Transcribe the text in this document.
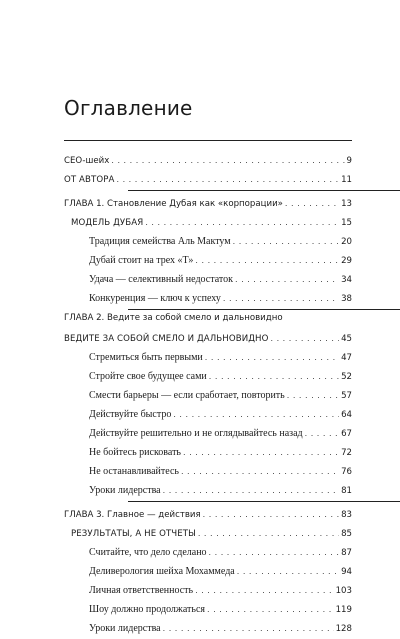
Оглавление
CEO-шейх . . .	9
ОТ АВТОРА . . .	11
ГЛАВА 1. Становление Дубая как «корпорации» . . .	13
МОДЕЛЬ ДУБАЯ . . .	15
Традиция семейства Аль Мактум . . .	20
Дубай стоит на трех «Т» . . .	29
Удача — селективный недостаток . . .	34
Конкуренция — ключ к успеху . . .	38
ГЛАВА 2. Ведите за собой смело и дальновидно
ВЕДИТЕ ЗА СОБОЙ СМЕЛО И ДАЛЬНОВИДНО . . .	45
Стремиться быть первыми . . .	47
Стройте свое будущее сами . . .	52
Смести барьеры — если сработает, повторить . . .	57
Действуйте быстро . . .	64
Действуйте решительно и не оглядывайтесь назад . . .	67
Не бойтесь рисковать . . .	72
Не останавливайтесь . . .	76
Уроки лидерства . . .	81
ГЛАВА 3. Главное — действия . . .	83
РЕЗУЛЬТАТЫ, А НЕ ОТЧЕТЫ . . .	85
Считайте, что дело сделано . . .	87
Деливерология шейха Мохаммеда . . .	94
Личная ответственность . . .	103
Шоу должно продолжаться . . .	119
Уроки лидерства . . .	128
